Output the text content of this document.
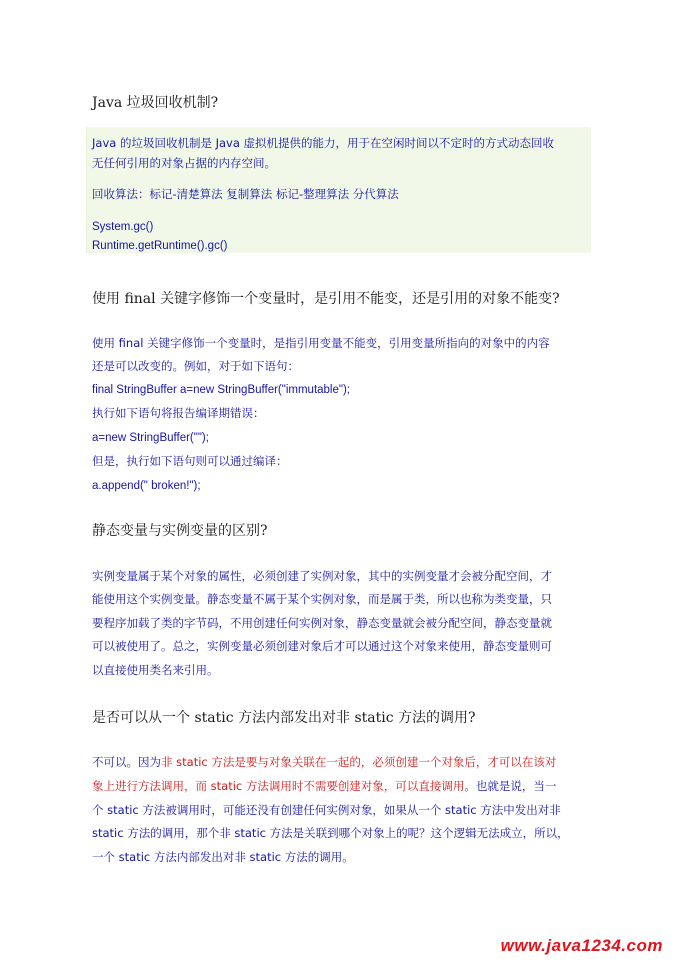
Java 垃圾回收机制?

Java 的垃圾回收机制是 Java 虚拟机提供的能力，用于在空闲时间以不定时的方式动态回收

无任何引用的对象占据的内存空间。

回收算法：标记-清楚算法 复制算法 标记-整理算法 分代算法

System.gc()

Runtime.getRuntime().gc()

使用 final 关键字修饰一个变量时，是引用不能变，还是引用的对象不能变?

使用 final 关键字修饰一个变量时，是指引用变量不能变，引用变量所指向的对象中的内容

还是可以改变的。例如，对于如下语句：

final StringBuffer a=new StringBuffer("immutable");

执行如下语句将报告编译期错误：

a=new StringBuffer("");

但是，执行如下语句则可以通过编译：

a.append(" broken!");

静态变量与实例变量的区别?

实例变量属于某个对象的属性，必须创建了实例对象，其中的实例变量才会被分配空间，才

能使用这个实例变量。静态变量不属于某个实例对象，而是属于类，所以也称为类变量，只

要程序加载了类的字节码，不用创建任何实例对象，静态变量就会被分配空间，静态变量就

可以被使用了。总之，实例变量必须创建对象后才可以通过这个对象来使用，静态变量则可

以直接使用类名来引用。

是否可以从一个 static 方法内部发出对非 static 方法的调用?

不可以。因为非 static 方法是要与对象关联在一起的，必须创建一个对象后，才可以在该对

象上进行方法调用，而 static 方法调用时不需要创建对象，可以直接调用。也就是说，当一

个 static 方法被调用时，可能还没有创建任何实例对象，如果从一个 static 方法中发出对非

static 方法的调用，那个非 static 方法是关联到哪个对象上的呢？这个逻辑无法成立，所以，

一个 static 方法内部发出对非 static 方法的调用。

www.java1234.com
